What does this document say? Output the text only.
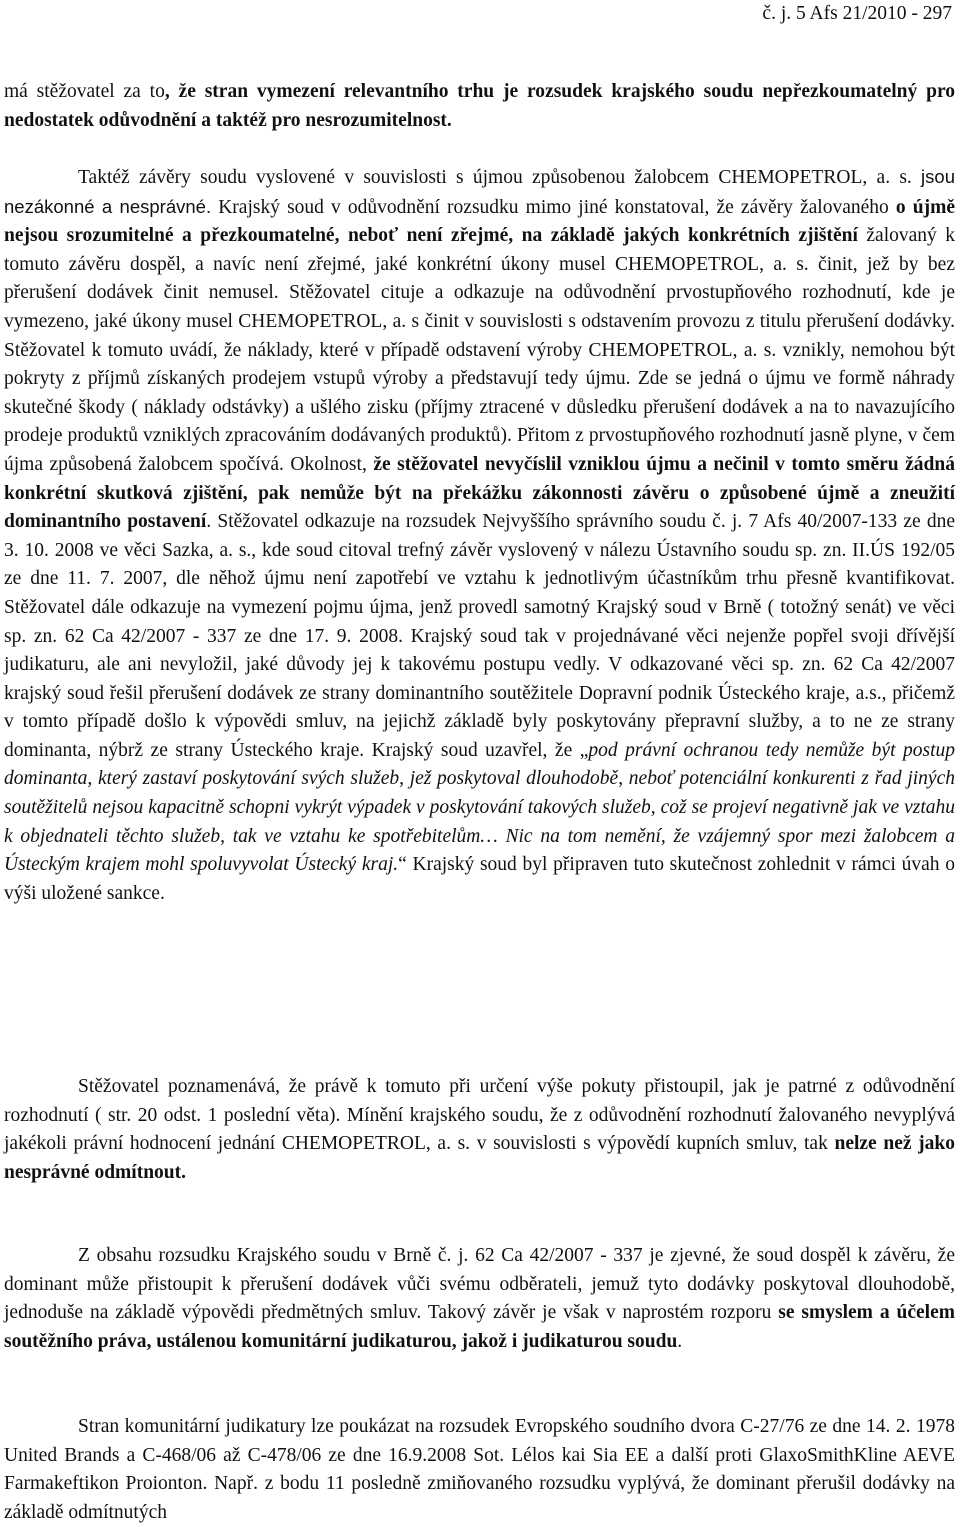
č. j. 5 Afs 21/2010 - 297

má stěžovatel za to, že stran vymezení relevantního trhu je rozsudek krajského soudu nepřezkoumatelný pro nedostatek odůvodnění a taktéž pro nesrozumitelnost.

Taktéž závěry soudu vyslovené v souvislosti s újmou způsobenou žalobcem CHEMOPETROL, a. s. jsou nezákonné a nesprávné. Krajský soud v odůvodnění rozsudku mimo jiné konstatoval, že závěry žalovaného o újmě nejsou srozumitelné a přezkoumatelné, neboť není zřejmé, na základě jakých konkrétních zjištění žalovaný k tomuto závěru dospěl, a navíc není zřejmé, jaké konkrétní úkony musel CHEMOPETROL, a. s. činit, jež by bez přerušení dodávek činit nemusel. Stěžovatel cituje a odkazuje na odůvodnění prvostupňového rozhodnutí, kde je vymezeno, jaké úkony musel CHEMOPETROL, a. s činit v souvislosti s odstavením provozu z titulu přerušení dodávky. Stěžovatel k tomuto uvádí, že náklady, které v případě odstavení výroby CHEMOPETROL, a. s. vznikly, nemohou být pokryty z příjmů získaných prodejem vstupů výroby a představují tedy újmu. Zde se jedná o újmu ve formě náhrady skutečné škody ( náklady odstávky) a ušlého zisku (příjmy ztracené v důsledku přerušení dodávek a na to navazujícího prodeje produktů vzniklých zpracováním dodávaných produktů). Přitom z prvostupňového rozhodnutí jasně plyne, v čem újma způsobená žalobcem spočívá. Okolnost, že stěžovatel nevyčíslil vzniklou újmu a nečinil v tomto směru žádná konkrétní skutková zjištění, pak nemůže být na překážku zákonnosti závěru o způsobené újmě a zneužití dominantního postavení. Stěžovatel odkazuje na rozsudek Nejvyššího správního soudu č. j. 7 Afs 40/2007-133 ze dne 3. 10. 2008 ve věci Sazka, a. s., kde soud citoval trefný závěr vyslovený v nálezu Ústavního soudu sp. zn. II.ÚS 192/05 ze dne 11. 7. 2007, dle něhož újmu není zapotřebí ve vztahu k jednotlivým účastníkům trhu přesně kvantifikovat. Stěžovatel dále odkazuje na vymezení pojmu újma, jenž provedl samotný Krajský soud v Brně ( totožný senát) ve věci sp. zn. 62 Ca 42/2007 - 337 ze dne 17. 9. 2008. Krajský soud tak v projednávané věci nejenže popřel svoji dřívější judikaturu, ale ani nevyložil, jaké důvody jej k takovému postupu vedly. V odkazované věci sp. zn. 62 Ca 42/2007 krajský soud řešil přerušení dodávek ze strany dominantního soutěžitele Dopravní podnik Ústeckého kraje, a.s., přičemž v tomto případě došlo k výpovědi smluv, na jejichž základě byly poskytovány přepravní služby, a to ne ze strany dominanta, nýbrž ze strany Ústeckého kraje. Krajský soud uzavřel, že „pod právní ochranou tedy nemůže být postup dominanta, který zastaví poskytování svých služeb, jež poskytoval dlouhodobě, neboť potenciální konkurenti z řad jiných soutěžitelů nejsou kapacitně schopni vykrýt výpadek v poskytování takových služeb, což se projeví negativně jak ve vztahu k objednateli těchto služeb, tak ve vztahu ke spotřebitelům… Nic na tom nemění, že vzájemný spor mezi žalobcem a Ústeckým krajem mohl spoluvyvolat Ústecký kraj.“ Krajský soud byl připraven tuto skutečnost zohlednit v rámci úvah o výši uložené sankce.

Stěžovatel poznamenává, že právě k tomuto při určení výše pokuty přistoupil, jak je patrné z odůvodnění rozhodnutí ( str. 20 odst. 1 poslední věta). Mínění krajského soudu, že z odůvodnění rozhodnutí žalovaného nevyplývá jakékoli právní hodnocení jednání CHEMOPETROL, a. s. v souvislosti s výpovědí kupních smluv, tak nelze než jako nesprávné odmítnout.

Z obsahu rozsudku Krajského soudu v Brně č. j. 62 Ca 42/2007 - 337 je zjevné, že soud dospěl k závěru, že dominant může přistoupit k přerušení dodávek vůči svému odběrateli, jemuž tyto dodávky poskytoval dlouhodobě, jednoduše na základě výpovědi předmětných smluv. Takový závěr je však v naprostém rozporu se smyslem a účelem soutěžního práva, ustálenou komunitární judikaturou, jakož i judikaturou soudu.

Stran komunitární judikatury lze poukázat na rozsudek Evropského soudního dvora C-27/76 ze dne 14. 2. 1978 United Brands a C-468/06 až C-478/06 ze dne 16.9.2008 Sot. Lélos kai Sia EE a další proti GlaxoSmithKline AEVE Farmakeftikon Proionton. Např. z bodu 11 posledně zmiňovaného rozsudku vyplývá, že dominant přerušil dodávky na základě odmítnutých
